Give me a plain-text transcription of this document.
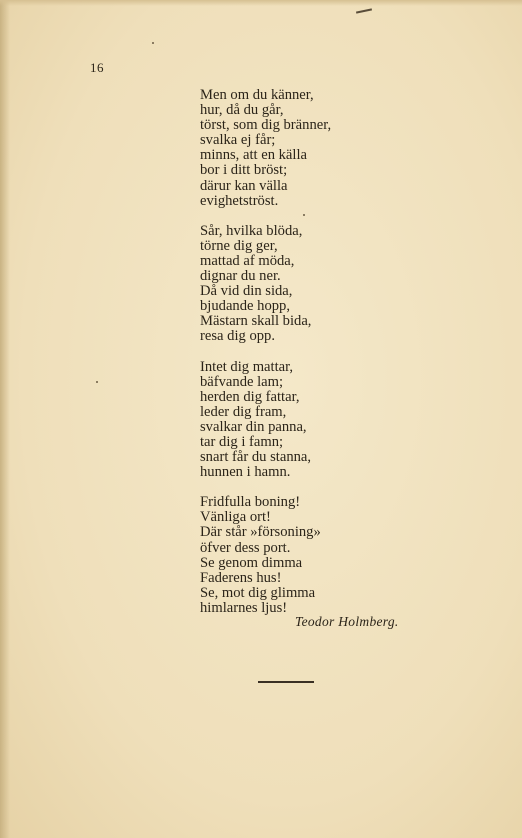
16
Men om du känner,
hur, då du går,
törst, som dig bränner,
svalka ej får;
minns, att en källa
bor i ditt bröst;
därur kan välla
evighetströst.
Sår, hvilka blöda,
törne dig ger,
mattad af möda,
dignar du ner.
Då vid din sida,
bjudande hopp,
Mästarn skall bida,
resa dig opp.
Intet dig mattar,
bäfvande lam;
herden dig fattar,
leder dig fram,
svalkar din panna,
tar dig i famn;
snart får du stanna,
hunnen i hamn.
Fridfulla boning!
Vänliga ort!
Där står »försoning»
öfver dess port.
Se genom dimma
Faderens hus!
Se, mot dig glimma
himlarnes ljus!
Teodor Holmberg.
